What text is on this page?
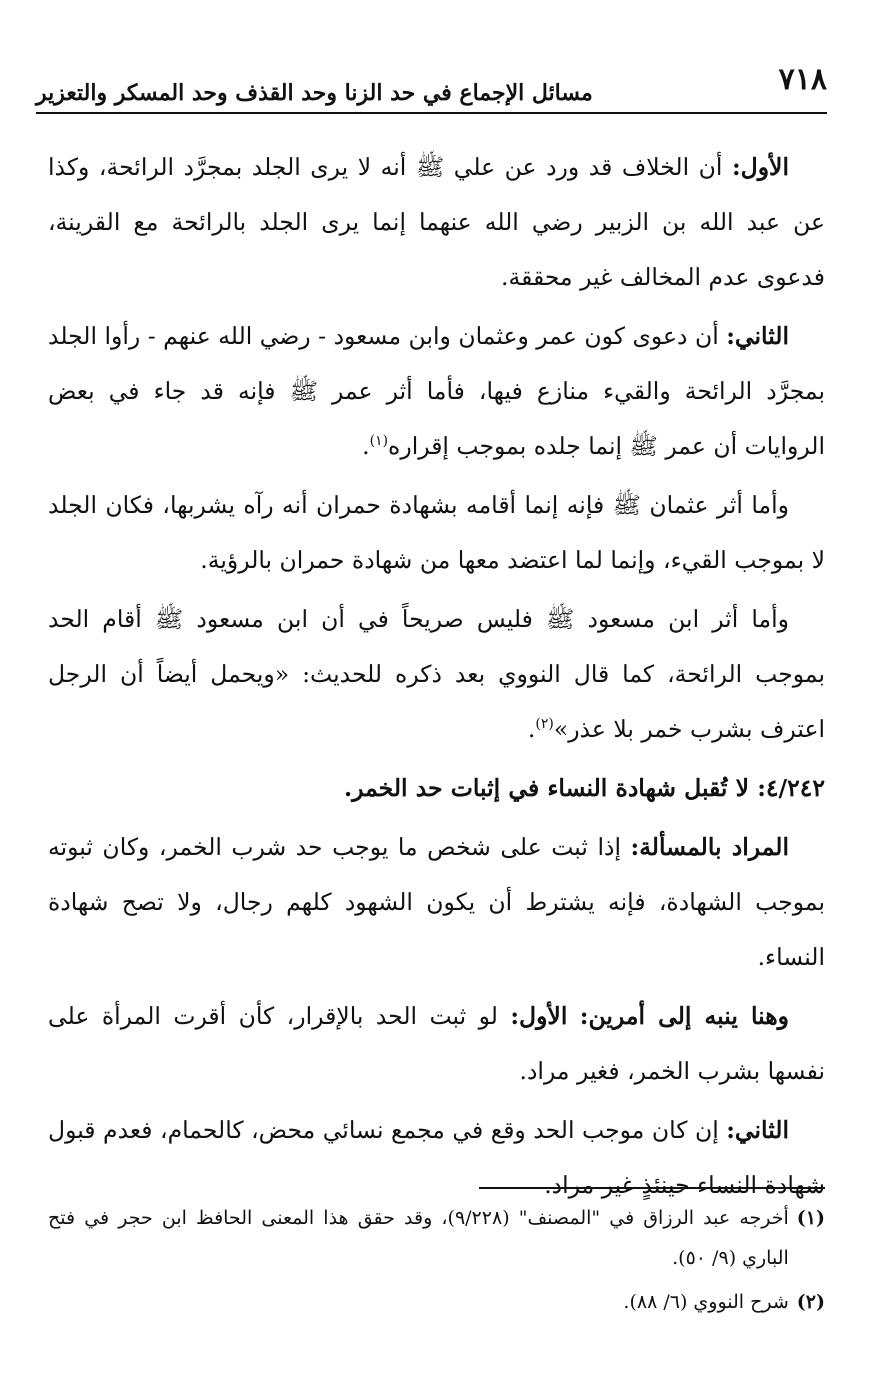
٧١٨
مسائل الإجماع في حد الزنا وحد القذف وحد المسكر والتعزير

الأول: أن الخلاف قد ورد عن علي ﷺ أنه لا يرى الجلد بمجرَّد الرائحة، وكذا عن عبد الله بن الزبير رضي الله عنهما إنما يرى الجلد بالرائحة مع القرينة، فدعوى عدم المخالف غير محققة.

الثاني: أن دعوى كون عمر وعثمان وابن مسعود - رضي الله عنهم - رأوا الجلد بمجرَّد الرائحة والقيء منازع فيها، فأما أثر عمر ﷺ فإنه قد جاء في بعض الروايات أن عمر ﷺ إنما جلده بموجب إقراره$^{(١)}$.

وأما أثر عثمان ﷺ فإنه إنما أقامه بشهادة حمران أنه رآه يشربها، فكان الجلد لا بموجب القيء، وإنما لما اعتضد معها من شهادة حمران بالرؤية.

وأما أثر ابن مسعود ﷺ فليس صريحاً في أن ابن مسعود ﷺ أقام الحد بموجب الرائحة، كما قال النووي بعد ذكره للحديث: «ويحمل أيضاً أن الرجل اعترف بشرب خمر بلا عذر»$^{(٢)}$.

٤/٢٤٢: لا تُقبل شهادة النساء في إثبات حد الخمر.

المراد بالمسألة: إذا ثبت على شخص ما يوجب حد شرب الخمر، وكان ثبوته بموجب الشهادة، فإنه يشترط أن يكون الشهود كلهم رجال، ولا تصح شهادة النساء.

وهنا ينبه إلى أمرين: الأول: لو ثبت الحد بالإقرار، كأن أقرت المرأة على نفسها بشرب الخمر، فغير مراد.

الثاني: إن كان موجب الحد وقع في مجمع نسائي محض، كالحمام، فعدم قبول شهادة النساء حينئذٍ غير مراد.

(١)
أخرجه عبد الرزاق في "المصنف" (٩/٢٢٨)، وقد حقق هذا المعنى الحافظ ابن حجر في فتح الباري (٩/ ٥٠).
(٢)
شرح النووي (٦/ ٨٨).
